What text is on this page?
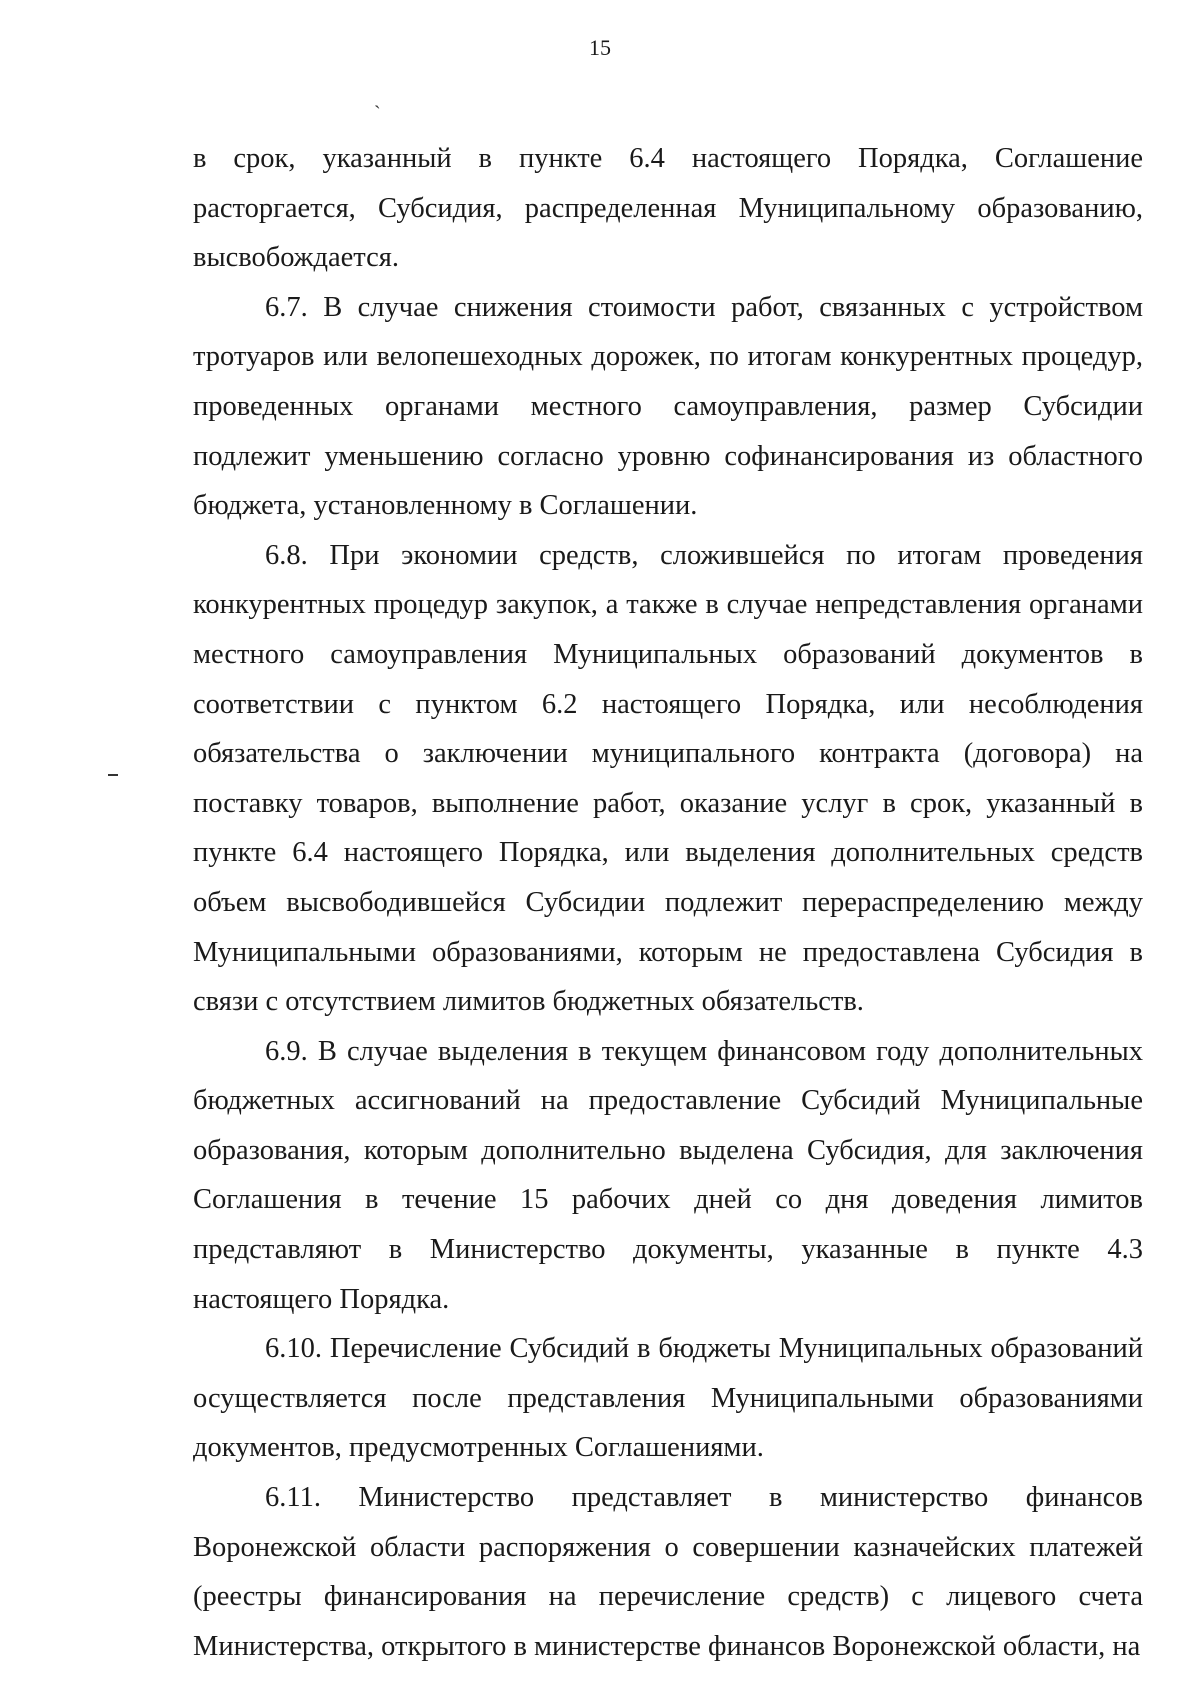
15
ˏ

в срок, указанный в пункте 6.4 настоящего Порядка, Соглашение расторгается, Субсидия, распределенная Муниципальному образованию, высвобождается.

6.7. В случае снижения стоимости работ, связанных с устройством тротуаров или велопешеходных дорожек, по итогам конкурентных процедур, проведенных органами местного самоуправления, размер Субсидии подлежит уменьшению согласно уровню софинансирования из областного бюджета, установленному в Соглашении.

6.8. При экономии средств, сложившейся по итогам проведения конкурентных процедур закупок, а также в случае непредставления органами местного самоуправления Муниципальных образований документов в соответствии с пунктом 6.2 настоящего Порядка, или несоблюдения обязательства о заключении муниципального контракта (договора) на поставку товаров, выполнение работ, оказание услуг в срок, указанный в пункте 6.4 настоящего Порядка, или выделения дополнительных средств объем высвободившейся Субсидии подлежит перераспределению между Муниципальными образованиями, которым не предоставлена Субсидия в связи с отсутствием лимитов бюджетных обязательств.

6.9. В случае выделения в текущем финансовом году дополнительных бюджетных ассигнований на предоставление Субсидий Муниципальные образования, которым дополнительно выделена Субсидия, для заключения Соглашения в течение 15 рабочих дней со дня доведения лимитов представляют в Министерство документы, указанные в пункте 4.3 настоящего Порядка.

6.10. Перечисление Субсидий в бюджеты Муниципальных образований осуществляется после представления Муниципальными образованиями документов, предусмотренных Соглашениями.

6.11. Министерство представляет в министерство финансов Воронежской области распоряжения о совершении казначейских платежей (реестры финансирования на перечисление средств) с лицевого счета Министерства, открытого в министерстве финансов Воронежской области, на
